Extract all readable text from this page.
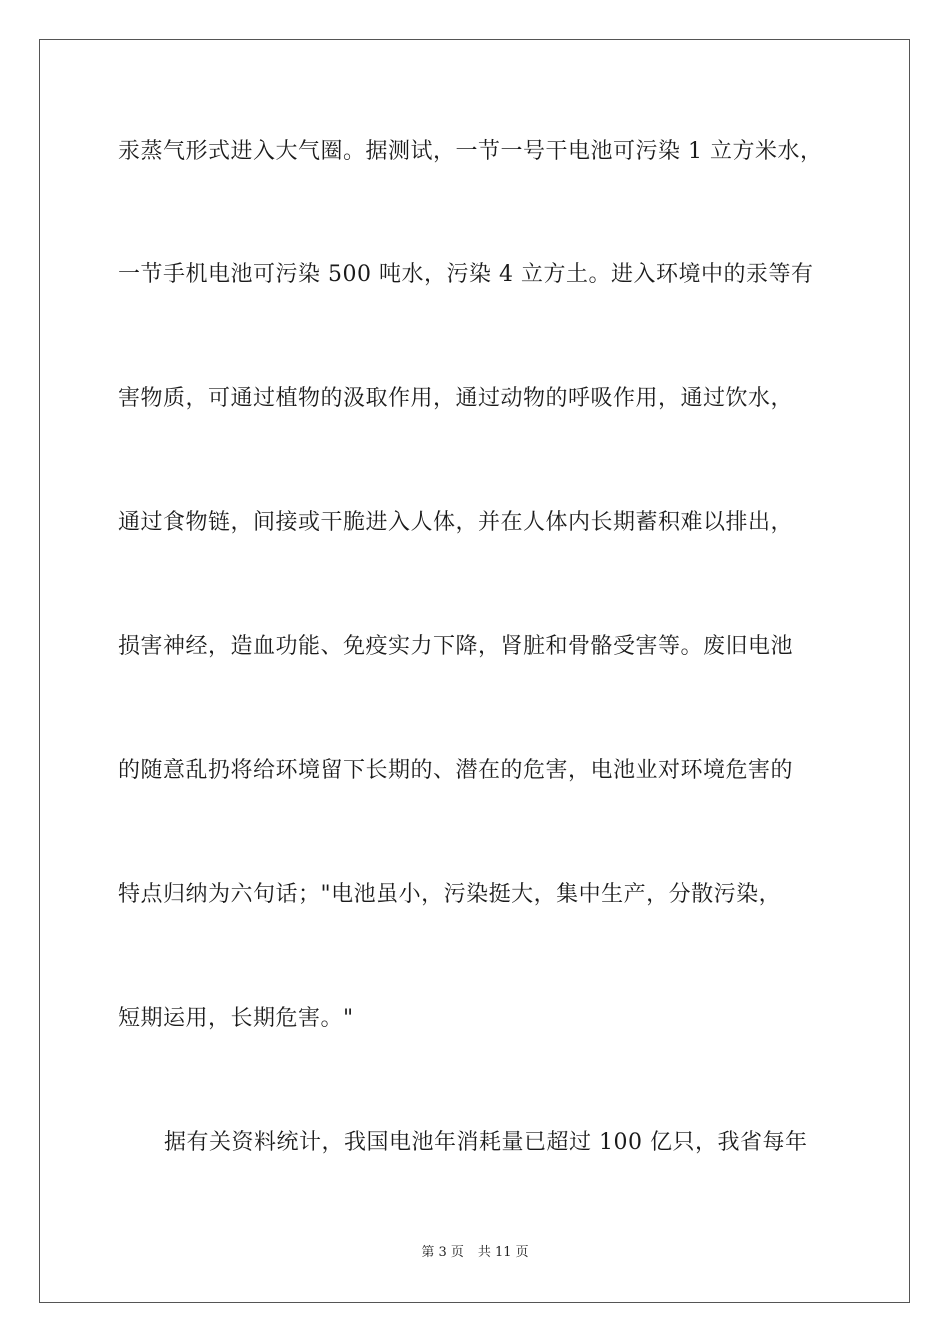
汞蒸气形式进入大气圈。据测试，一节一号干电池可污染 1 立方米水，
一节手机电池可污染 500 吨水，污染 4 立方土。进入环境中的汞等有
害物质，可通过植物的汲取作用，通过动物的呼吸作用，通过饮水，
通过食物链，间接或干脆进入人体，并在人体内长期蓄积难以排出，
损害神经，造血功能、免疫实力下降，肾脏和骨骼受害等。废旧电池
的随意乱扔将给环境留下长期的、潜在的危害，电池业对环境危害的
特点归纳为六句话；"电池虽小，污染挺大，集中生产，分散污染，
短期运用，长期危害。"
据有关资料统计，我国电池年消耗量已超过 100 亿只，我省每年
第 3 页 共 11 页
